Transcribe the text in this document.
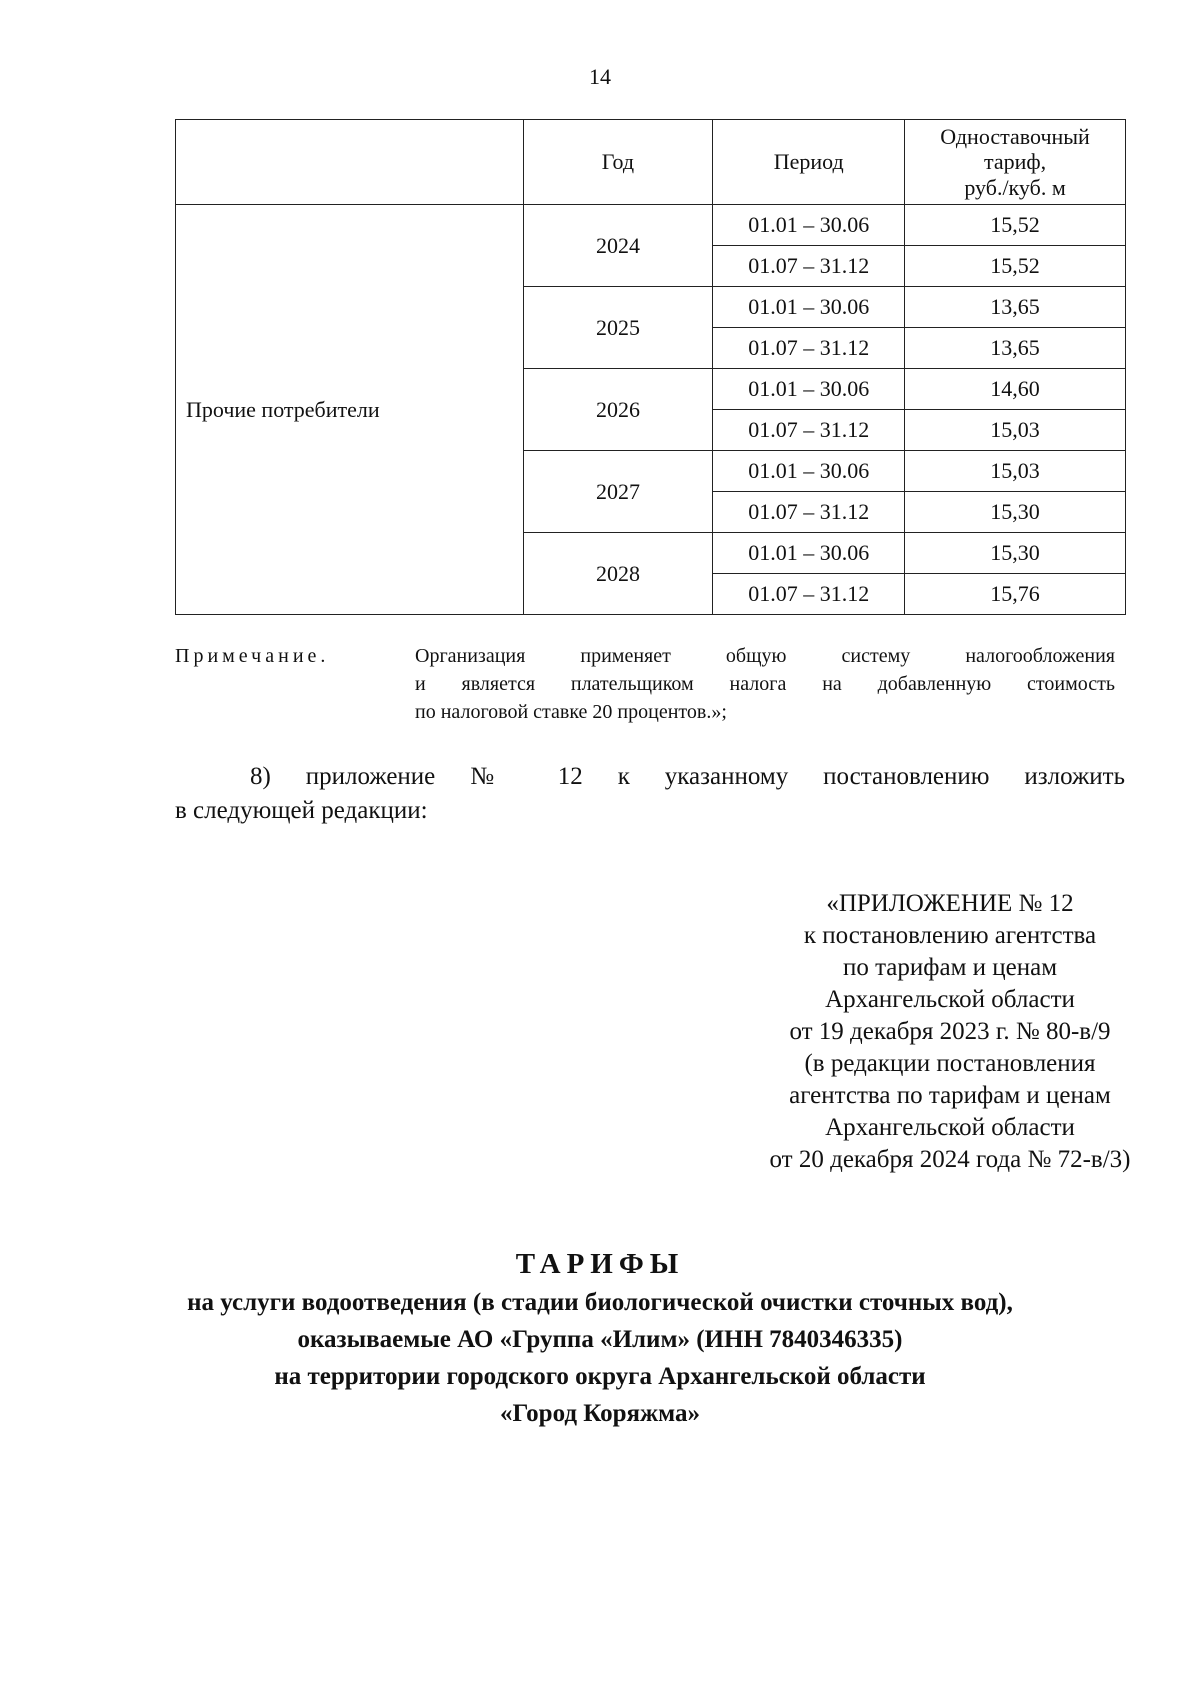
14
	Год	Период	Одноставочный
тариф,
руб./куб. м
Прочие потребители	2024	01.01 – 30.06	15,52
		01.07 – 31.12	15,52
	2025	01.01 – 30.06	13,65
		01.07 – 31.12	13,65
	2026	01.01 – 30.06	14,60
		01.07 – 31.12	15,03
	2027	01.01 – 30.06	15,03
		01.07 – 31.12	15,30
	2028	01.01 – 30.06	15,30
		01.07 – 31.12	15,76
Примечание.	Организация применяет общую систему налогообложения
и является плательщиком налога на добавленную стоимость
по налоговой ставке 20 процентов.»;
8) приложение № 12 к указанному постановлению изложить
в следующей редакции:
«ПРИЛОЖЕНИЕ № 12
к постановлению агентства
по тарифам и ценам
Архангельской области
от 19 декабря 2023 г. № 80-в/9
(в редакции постановления
агентства по тарифам и ценам
Архангельской области
от 20 декабря 2024 года № 72-в/3)
ТАРИФЫ
на услуги водоотведения (в стадии биологической очистки сточных вод),
оказываемые АО «Группа «Илим» (ИНН 7840346335)
на территории городского округа Архангельской области
«Город Коряжма»
